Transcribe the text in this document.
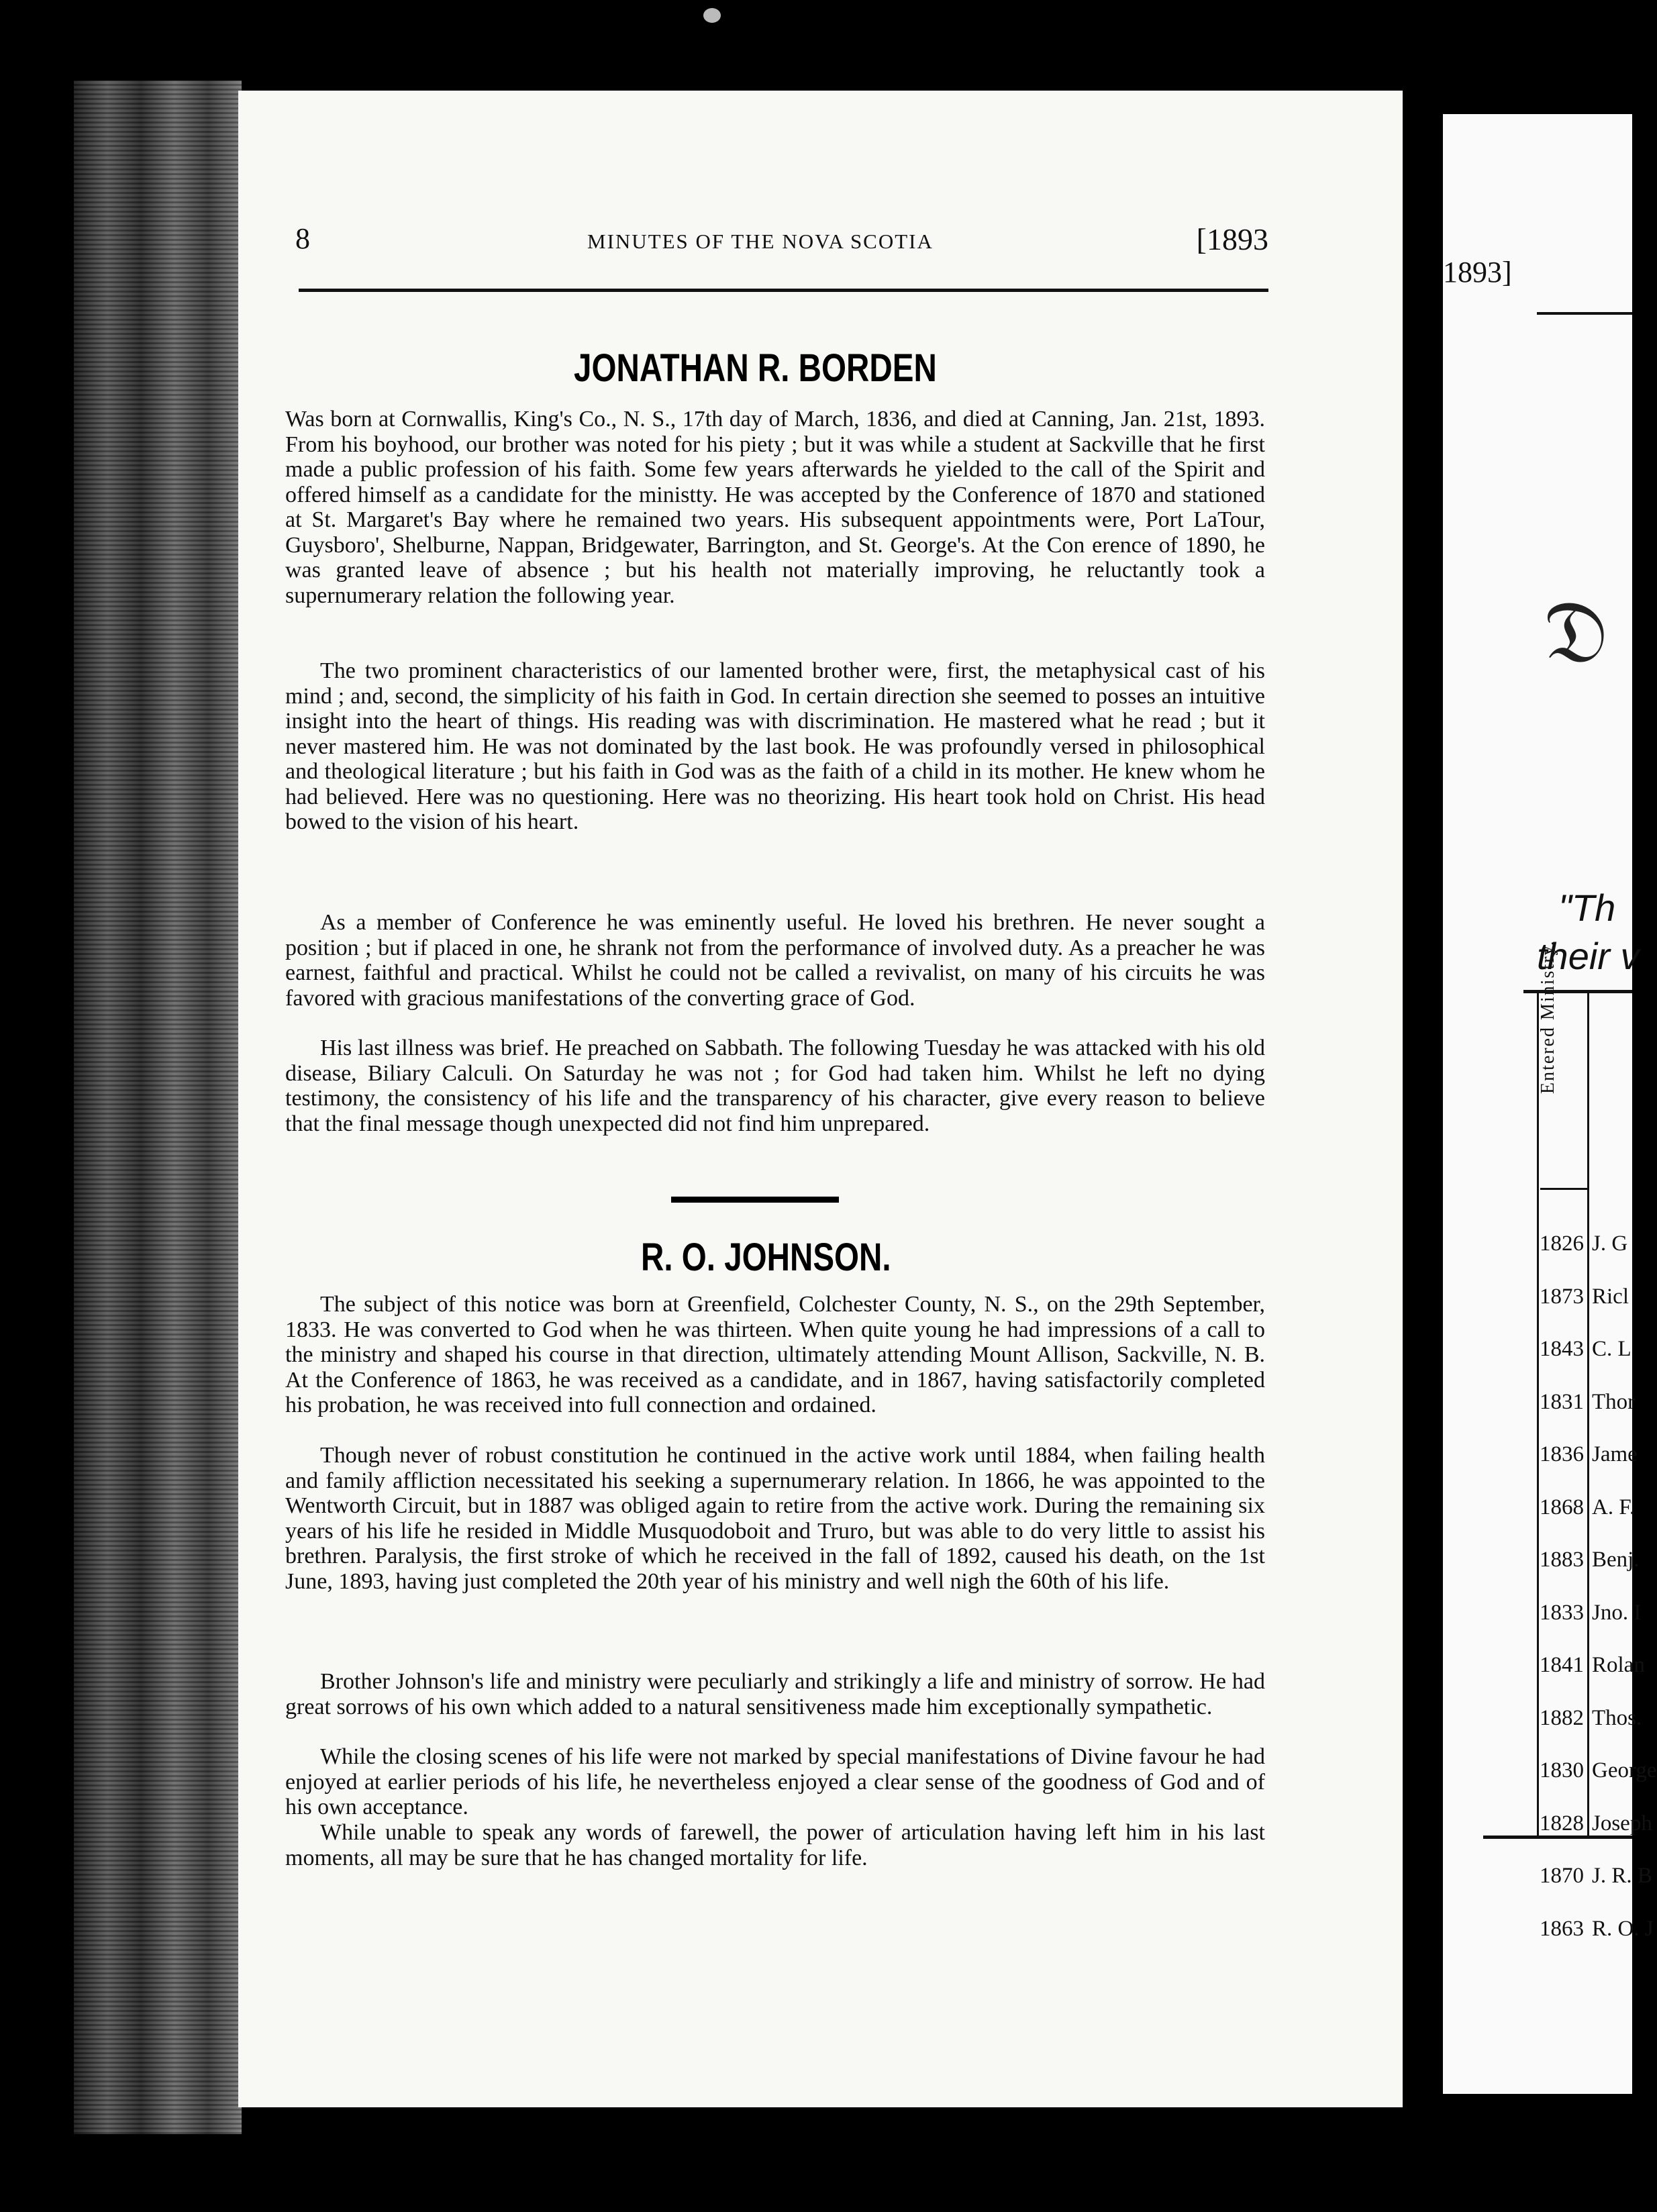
8	MINUTES OF THE NOVA SCOTIA	[1893
JONATHAN R. BORDEN

Was born at Cornwallis, King's Co., N. S., 17th day of March, 1836, and died at Canning, Jan. 21st, 1893. From his boyhood, our brother was noted for his piety ; but it was while a student at Sackville that he first made a public profession of his faith. Some few years afterwards he yielded to the call of the Spirit and offered himself as a candidate for the ministty. He was accepted by the Conference of 1870 and stationed at St. Margaret's Bay where he remained two years. His subsequent appointments were, Port LaTour, Guysboro', Shelburne, Nappan, Bridgewater, Barrington, and St. George's. At the Con erence of 1890, he was granted leave of absence ; but his health not materially improving, he reluctantly took a supernumerary relation the following year.

The two prominent characteristics of our lamented brother were, first, the metaphysical cast of his mind ; and, second, the simplicity of his faith in God. In certain direction she seemed to posses an intuitive insight into the heart of things. His reading was with discrimination. He mastered what he read ; but it never mastered him. He was not dominated by the last book. He was profoundly versed in philosophical and theological literature ; but his faith in God was as the faith of a child in its mother. He knew whom he had believed. Here was no questioning. Here was no theorizing. His heart took hold on Christ. His head bowed to the vision of his heart.

As a member of Conference he was eminently useful. He loved his brethren. He never sought a position ; but if placed in one, he shrank not from the performance of involved duty. As a preacher he was earnest, faithful and practical. Whilst he could not be called a revivalist, on many of his circuits he was favored with gracious manifestations of the converting grace of God.

His last illness was brief. He preached on Sabbath. The following Tuesday he was attacked with his old disease, Biliary Calculi. On Saturday he was not ; for God had taken him. Whilst he left no dying testimony, the consistency of his life and the transparency of his character, give every reason to believe that the final message though unexpected did not find him unprepared.

R. O. JOHNSON.

The subject of this notice was born at Greenfield, Colchester County, N. S., on the 29th September, 1833. He was converted to God when he was thirteen. When quite young he had impressions of a call to the ministry and shaped his course in that direction, ultimately attending Mount Allison, Sackville, N. B. At the Conference of 1863, he was received as a candidate, and in 1867, having satisfactorily completed his probation, he was received into full connection and ordained.

Though never of robust constitution he continued in the active work until 1884, when failing health and family affliction necessitated his seeking a supernumerary relation. In 1866, he was appointed to the Wentworth Circuit, but in 1887 was obliged again to retire from the active work. During the remaining six years of his life he resided in Middle Musquodoboit and Truro, but was able to do very little to assist his brethren. Paralysis, the first stroke of which he received in the fall of 1892, caused his death, on the 1st June, 1893, having just completed the 20th year of his ministry and well nigh the 60th of his life.

Brother Johnson's life and ministry were peculiarly and strikingly a life and ministry of sorrow. He had great sorrows of his own which added to a natural sensitiveness made him exceptionally sympathetic.

While the closing scenes of his life were not marked by special manifestations of Divine favour he had enjoyed at earlier periods of his life, he nevertheless enjoyed a clear sense of the goodness of God and of his own acceptance.

While unable to speak any words of farewell, the power of articulation having left him in his last moments, all may be sure that he has changed mortality for life.

1893]
𝔇
"Th
their v
Entered Ministry.
1826 J. G
1873 Ricl
1843 C. L
1831 Thor
1836 Jame
1868 A. F.
1883 Benj.
1833 Jno. I
1841 Rolan
1882 Thos.
1830 George
1828 Joseph
1870 J. R. B
1863 R. O. J
